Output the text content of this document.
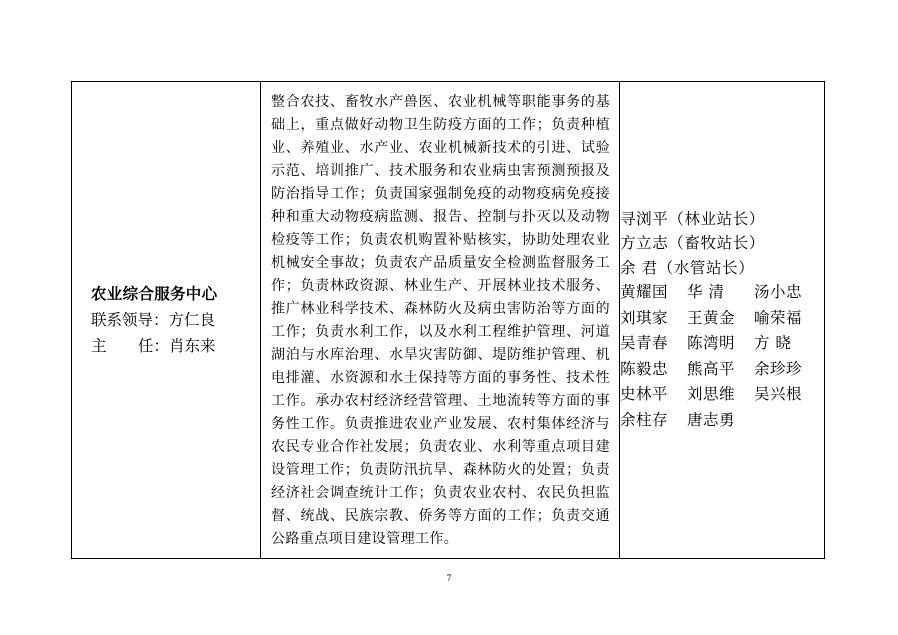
农业综合服务中心
联系领导： 方仁良
主 任： 肖东来

整合农技、畜牧水产兽医、农业机械等职能事务的基础上，重点做好动物卫生防疫方面的工作；负责种植业、养殖业、水产业、农业机械新技术的引进、试验示范、培训推广、技术服务和农业病虫害预测预报及防治指导工作；负责国家强制免疫的动物疫病免疫接种和重大动物疫病监测、报告、控制与扑灭以及动物检疫等工作；负责农机购置补贴核实，协助处理农业机械安全事故；负责农产品质量安全检测监督服务工作；负责林政资源、林业生产、开展林业技术服务、推广林业科学技术、森林防火及病虫害防治等方面的工作；负责水利工作，以及水利工程维护管理、河道湖泊与水库治理、水旱灾害防御、堤防维护管理、机电排灌、水资源和水土保持等方面的事务性、技术性工作。承办农村经济经营管理、土地流转等方面的事务性工作。负责推进农业产业发展、农村集体经济与农民专业合作社发展；负责农业、水利等重点项目建设管理工作；负责防汛抗旱、森林防火的处置；负责经济社会调查统计工作；负责农业农村、农民负担监督、统战、民族宗教、侨务等方面的工作；负责交通公路重点项目建设管理工作。

寻浏平（林业站长）
方立志（畜牧站长）
余 君（水管站长）
黄耀国	华 清	汤小忠
刘琪家	王黄金	喻荣福
吴青春	陈湾明	方 晓
陈毅忠	熊高平	余珍珍
史林平	刘思维	吴兴根
余柱存	唐志勇
7
